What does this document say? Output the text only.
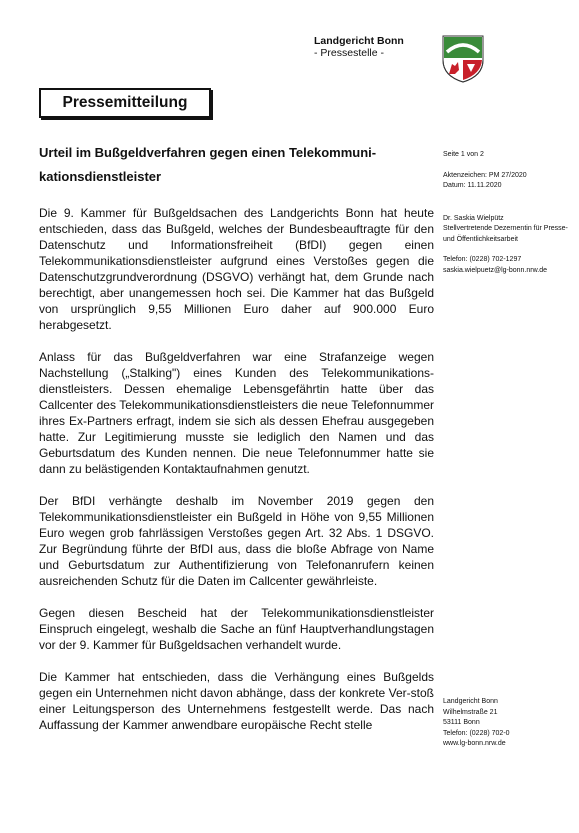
Landgericht Bonn
- Pressestelle -
Pressemitteilung
Urteil im Bußgeldverfahren gegen einen Telekommuni-kationsdienstleister

Die 9. Kammer für Bußgeldsachen des Landgerichts Bonn hat heute entschieden, dass das Bußgeld, welches der Bundesbeauftragte für den Datenschutz und Informationsfreiheit (BfDI) gegen einen Telekommunikationsdienstleister aufgrund eines Verstoßes gegen die Datenschutzgrundverordnung (DSGVO) verhängt hat, dem Grunde nach berechtigt, aber unangemessen hoch sei. Die Kammer hat das Bußgeld von ursprünglich 9,55 Millionen Euro daher auf 900.000 Euro herabgesetzt.

Anlass für das Bußgeldverfahren war eine Strafanzeige wegen Nachstellung („Stalking") eines Kunden des Telekommunikations-dienstleisters. Dessen ehemalige Lebensgefährtin hatte über das Callcenter des Telekommunikationsdienstleisters die neue Telefonnummer ihres Ex-Partners erfragt, indem sie sich als dessen Ehefrau ausgegeben hatte. Zur Legitimierung musste sie lediglich den Namen und das Geburtsdatum des Kunden nennen. Die neue Telefonnummer hatte sie dann zu belästigenden Kontaktaufnahmen genutzt.

Der BfDI verhängte deshalb im November 2019 gegen den Telekommunikationsdienstleister ein Bußgeld in Höhe von 9,55 Millionen Euro wegen grob fahrlässigen Verstoßes gegen Art. 32 Abs. 1 DSGVO. Zur Begründung führte der BfDI aus, dass die bloße Abfrage von Name und Geburtsdatum zur Authentifizierung von Telefonanrufern keinen ausreichenden Schutz für die Daten im Callcenter gewährleiste.

Gegen diesen Bescheid hat der Telekommunikationsdienstleister Einspruch eingelegt, weshalb die Sache an fünf Hauptverhandlungstagen vor der 9. Kammer für Bußgeldsachen verhandelt wurde.

Die Kammer hat entschieden, dass die Verhängung eines Bußgelds gegen ein Unternehmen nicht davon abhänge, dass der konkrete Ver-stoß einer Leitungsperson des Unternehmens festgestellt werde. Das nach Auffassung der Kammer anwendbare europäische Recht stelle

Seite 1 von 2
Aktenzeichen: PM 27/2020
Datum: 11.11.2020
Dr. Saskia Wielpütz
Stellvertretende Dezernentin für Presse- und Öffentlichkeitsarbeit
Telefon: (0228) 702-1297
saskia.wielpuetz@lg-bonn.nrw.de
Landgericht Bonn
Wilhelmstraße 21
53111 Bonn
Telefon: (0228) 702-0
www.lg-bonn.nrw.de
